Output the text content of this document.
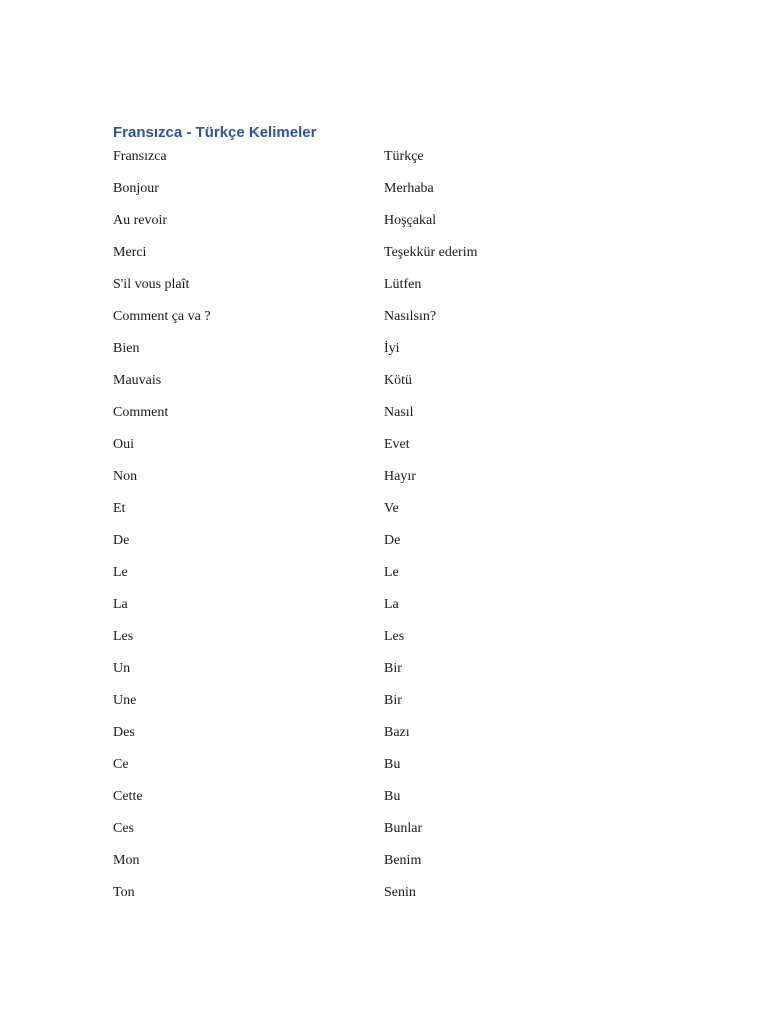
Fransızca - Türkçe Kelimeler
Fransızca	Türkçe
Bonjour	Merhaba
Au revoir	Hoşçakal
Merci	Teşekkür ederim
S'il vous plaît	Lütfen
Comment ça va ?	Nasılsın?
Bien	İyi
Mauvais	Kötü
Comment	Nasıl
Oui	Evet
Non	Hayır
Et	Ve
De	De
Le	Le
La	La
Les	Les
Un	Bir
Une	Bir
Des	Bazı
Ce	Bu
Cette	Bu
Ces	Bunlar
Mon	Benim
Ton	Senin
